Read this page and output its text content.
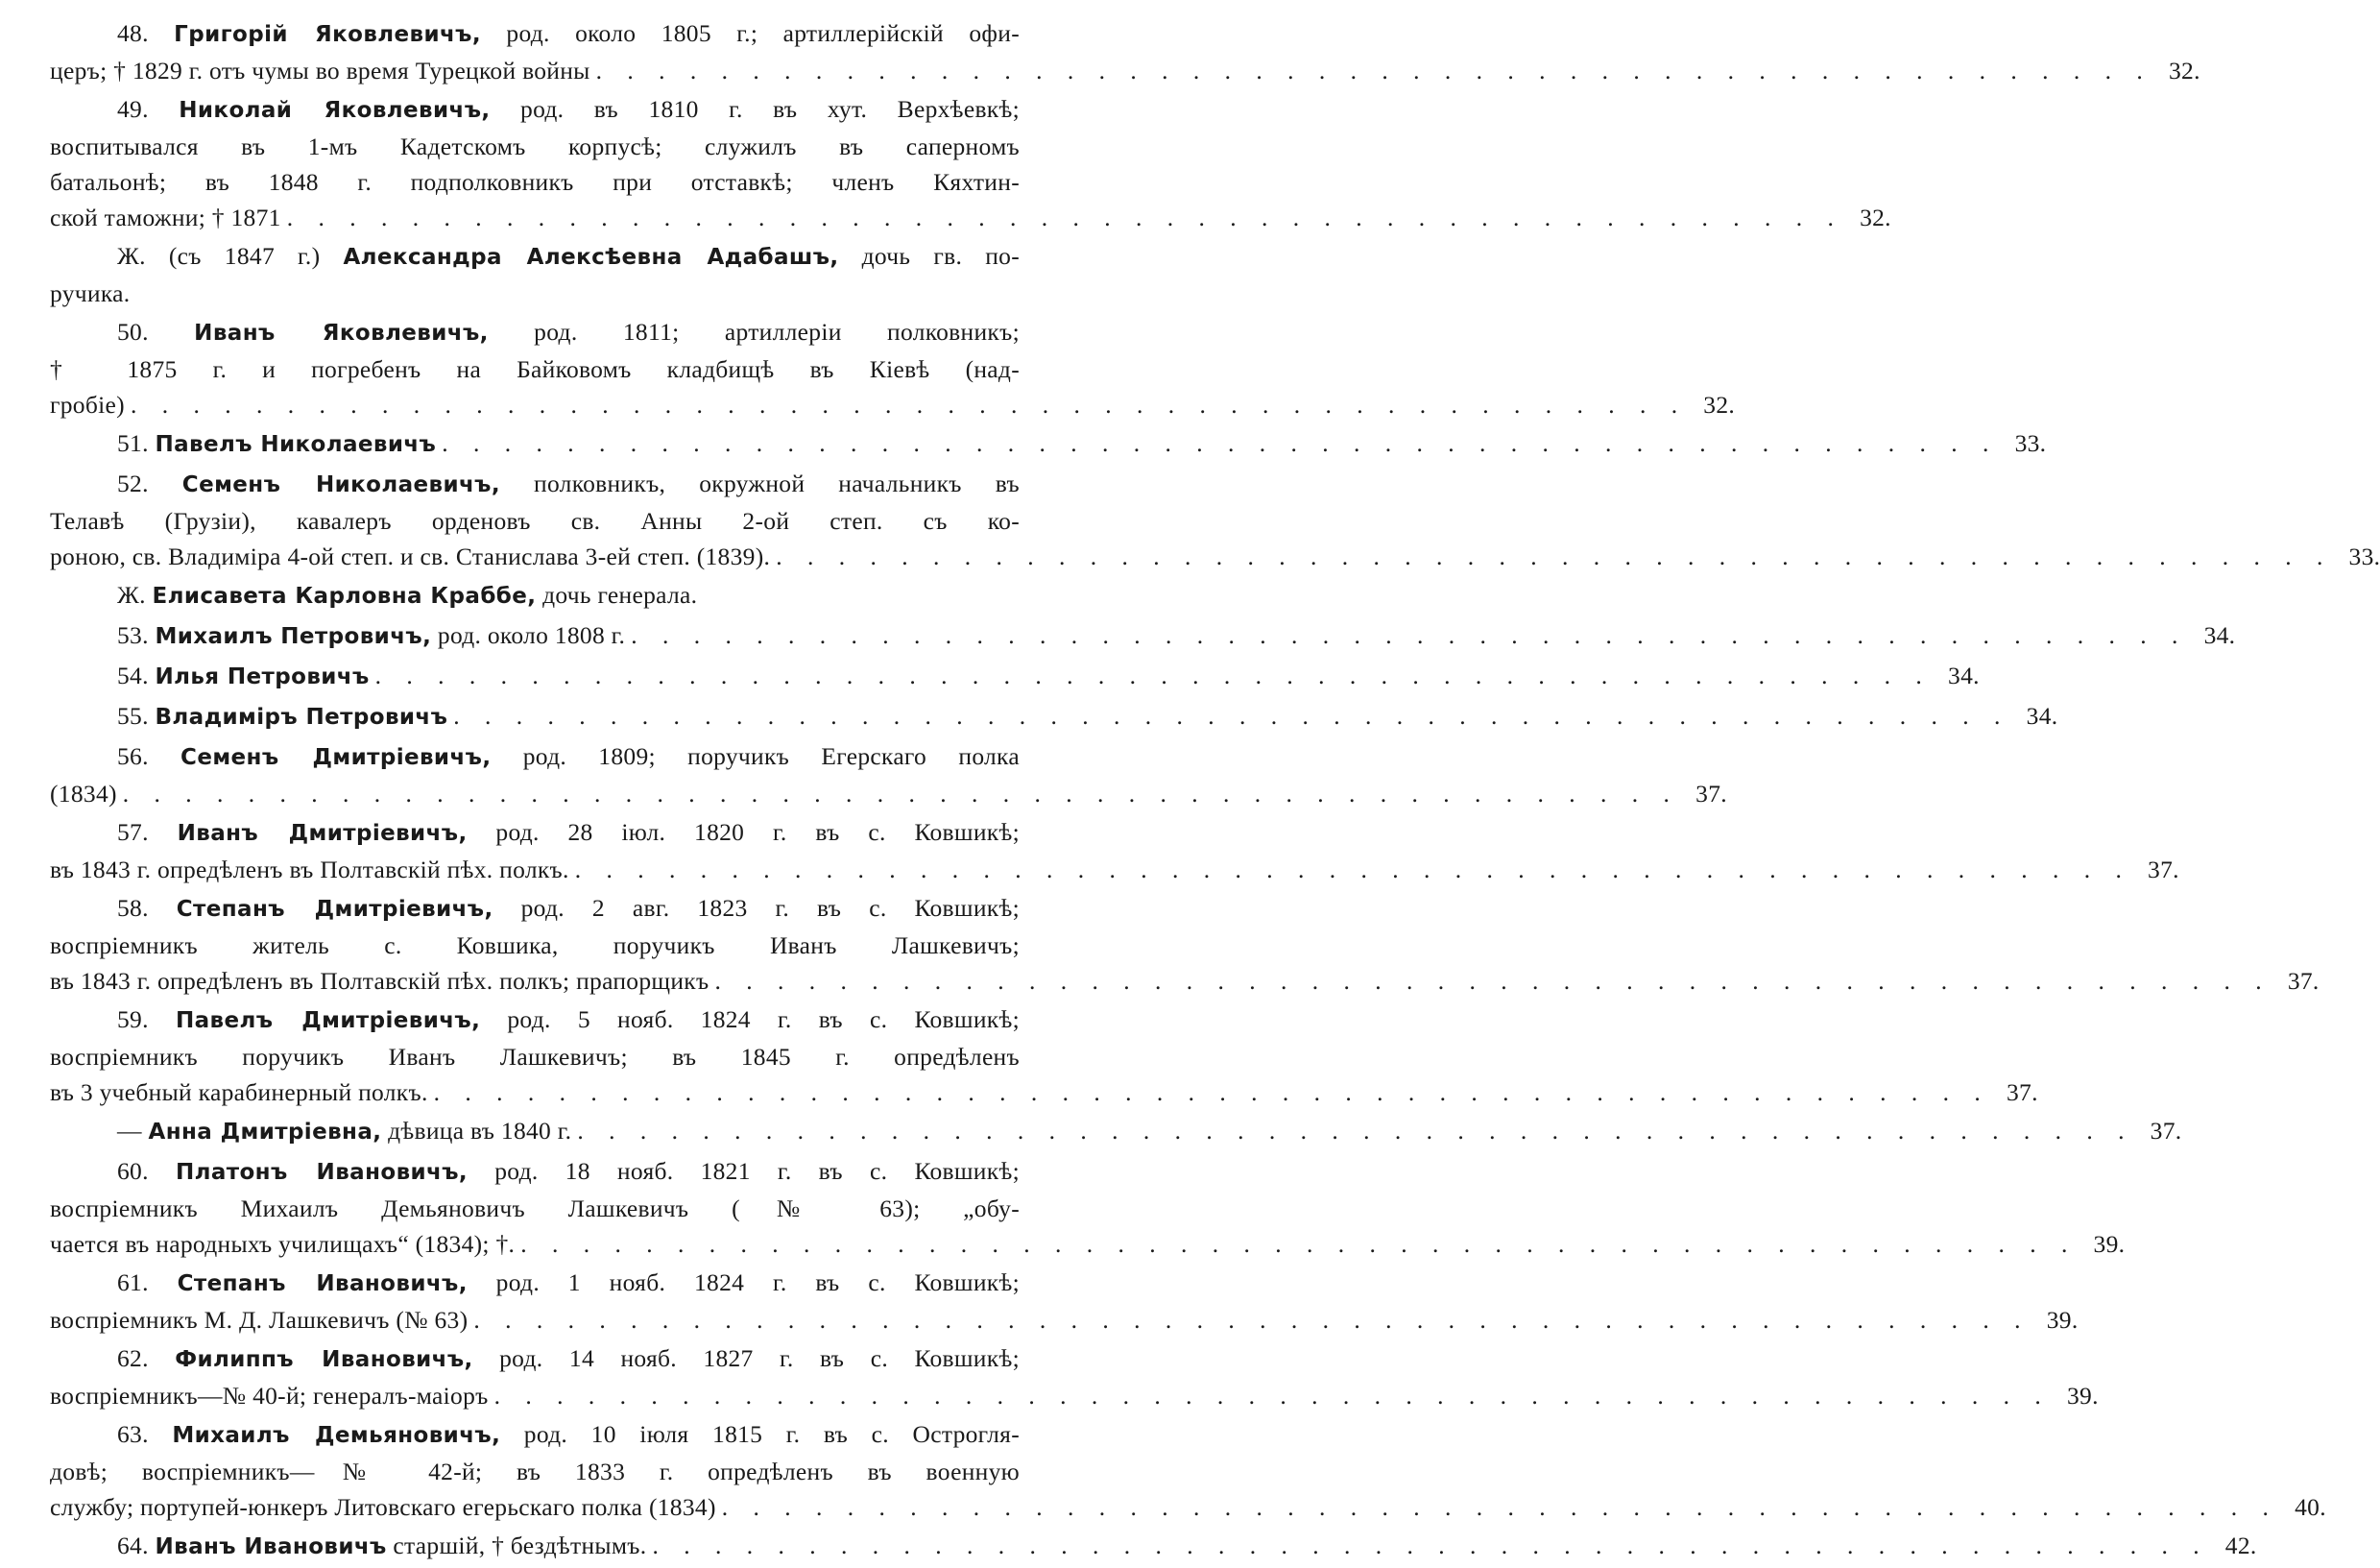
48. Григорій Яковлевичъ, род. около 1805 г.; артиллерійскій офи-
церъ; † 1829 г. отъ чумы во время Турецкой войны . . . . . . . . . . . . . . . . . . . . . . . . . . . . . . . . . . . . . . . . . . . . . . . . . . 32.
49. Николай Яковлевичъ, род. въ 1810 г. въ хут. Верхѣевкѣ;
воспитывался въ 1-мъ Кадетскомъ корпусѣ; служилъ въ саперномъ
батальонѣ; въ 1848 г. подполковникъ при отставкѣ; членъ Кяхтин-
ской таможни; † 1871 . . . . . . . . . . . . . . . . . . . . . . . . . . . . . . . . . . . . . . . . . . . . . . . . . . 32.
Ж. (съ 1847 г.) Александра Алексѣевна Адабашъ, дочь гв. по-
ручика.
50. Иванъ Яковлевичъ, род. 1811; артиллеріи полковникъ;
† 1875 г. и погребенъ на Байковомъ кладбищѣ въ Кіевѣ (над-
гробіе) . . . . . . . . . . . . . . . . . . . . . . . . . . . . . . . . . . . . . . . . . . . . . . . . . . 32.
51. Павелъ Николаевичъ . . . . . . . . . . . . . . . . . . . . . . . . . . . . . . . . . . . . . . . . . . . . . . . . . . 33.
52. Семенъ Николаевичъ, полковникъ, окружной начальникъ въ
Телавѣ (Грузіи), кавалеръ орденовъ св. Анны 2-ой степ. съ ко-
роною, св. Владиміра 4-ой степ. и св. Станислава 3-ей степ. (1839). . . . . . . . . . . . . . . . . . . . . . . . . . . . . . . . . . . . . . . . . . . . . . . . . . . 33.
Ж. Елисавета Карловна Краббе, дочь генерала.
53. Михаилъ Петровичъ, род. около 1808 г. . . . . . . . . . . . . . . . . . . . . . . . . . . . . . . . . . . . . . . . . . . . . . . . . . . 34.
54. Илья Петровичъ . . . . . . . . . . . . . . . . . . . . . . . . . . . . . . . . . . . . . . . . . . . . . . . . . . 34.
55. Владиміръ Петровичъ . . . . . . . . . . . . . . . . . . . . . . . . . . . . . . . . . . . . . . . . . . . . . . . . . . 34.
56. Семенъ Дмитріевичъ, род. 1809; поручикъ Егерскаго полка
(1834) . . . . . . . . . . . . . . . . . . . . . . . . . . . . . . . . . . . . . . . . . . . . . . . . . . 37.
57. Иванъ Дмитріевичъ, род. 28 іюл. 1820 г. въ с. Ковшикѣ;
въ 1843 г. опредѣленъ въ Полтавскій пѣх. полкъ. . . . . . . . . . . . . . . . . . . . . . . . . . . . . . . . . . . . . . . . . . . . . . . . . . . 37.
58. Степанъ Дмитріевичъ, род. 2 авг. 1823 г. въ с. Ковшикѣ;
воспріемникъ житель с. Ковшика, поручикъ Иванъ Лашкевичъ;
въ 1843 г. опредѣленъ въ Полтавскій пѣх. полкъ; прапорщикъ . . . . . . . . . . . . . . . . . . . . . . . . . . . . . . . . . . . . . . . . . . . . . . . . . . 37.
59. Павелъ Дмитріевичъ, род. 5 нояб. 1824 г. въ с. Ковшикѣ;
воспріемникъ поручикъ Иванъ Лашкевичъ; въ 1845 г. опредѣленъ
въ 3 учебный карабинерный полкъ. . . . . . . . . . . . . . . . . . . . . . . . . . . . . . . . . . . . . . . . . . . . . . . . . . . 37.
— Анна Дмитріевна, дѣвица въ 1840 г. . . . . . . . . . . . . . . . . . . . . . . . . . . . . . . . . . . . . . . . . . . . . . . . . . . 37.
60. Платонъ Ивановичъ, род. 18 нояб. 1821 г. въ с. Ковшикѣ;
воспріемникъ Михаилъ Демьяновичъ Лашкевичъ (№ 63); „обу-
чается въ народныхъ училищахъ“ (1834); †. . . . . . . . . . . . . . . . . . . . . . . . . . . . . . . . . . . . . . . . . . . . . . . . . . . 39.
61. Степанъ Ивановичъ, род. 1 нояб. 1824 г. въ с. Ковшикѣ;
воспріемникъ М. Д. Лашкевичъ (№ 63) . . . . . . . . . . . . . . . . . . . . . . . . . . . . . . . . . . . . . . . . . . . . . . . . . . 39.
62. Филиппъ Ивановичъ, род. 14 нояб. 1827 г. въ с. Ковшикѣ;
воспріемникъ—№ 40-й; генералъ-маіоръ . . . . . . . . . . . . . . . . . . . . . . . . . . . . . . . . . . . . . . . . . . . . . . . . . . 39.
63. Михаилъ Демьяновичъ, род. 10 іюля 1815 г. въ с. Острогля-
довѣ; воспріемникъ—№ 42-й; въ 1833 г. опредѣленъ въ военную
службу; портупей-юнкеръ Литовскаго егерьскаго полка (1834) . . . . . . . . . . . . . . . . . . . . . . . . . . . . . . . . . . . . . . . . . . . . . . . . . . 40.
64. Иванъ Ивановичъ старшій, † бездѣтнымъ. . . . . . . . . . . . . . . . . . . . . . . . . . . . . . . . . . . . . . . . . . . . . . . . . . . 42.
